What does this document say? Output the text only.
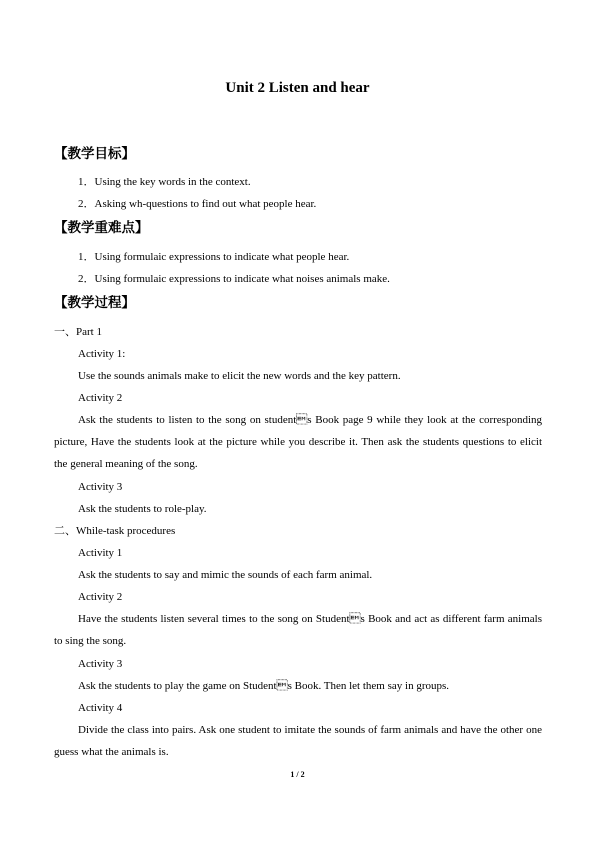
Unit 2 Listen and hear
【教学目标】
1．Using the key words in the context.
2．Asking wh-questions to find out what people hear.
【教学重难点】
1．Using formulaic expressions to indicate what people hear.
2．Using formulaic expressions to indicate what noises animals make.
【教学过程】
一、Part 1
Activity 1:
Use the sounds animals make to elicit the new words and the key pattern.
Activity 2
Ask the students to listen to the song on students Book page 9 while they look at the corresponding picture, Have the students look at the picture while you describe it. Then ask the students questions to elicit the general meaning of the song.
Activity 3
Ask the students to role-play.
二、While-task procedures
Activity 1
Ask the students to say and mimic the sounds of each farm animal.
Activity 2
Have the students listen several times to the song on Students Book and act as different farm animals to sing the song.
Activity 3
Ask the students to play the game on Students Book. Then let them say in groups.
Activity 4
Divide the class into pairs. Ask one student to imitate the sounds of farm animals and have the other one guess what the animals is.
1 / 2
